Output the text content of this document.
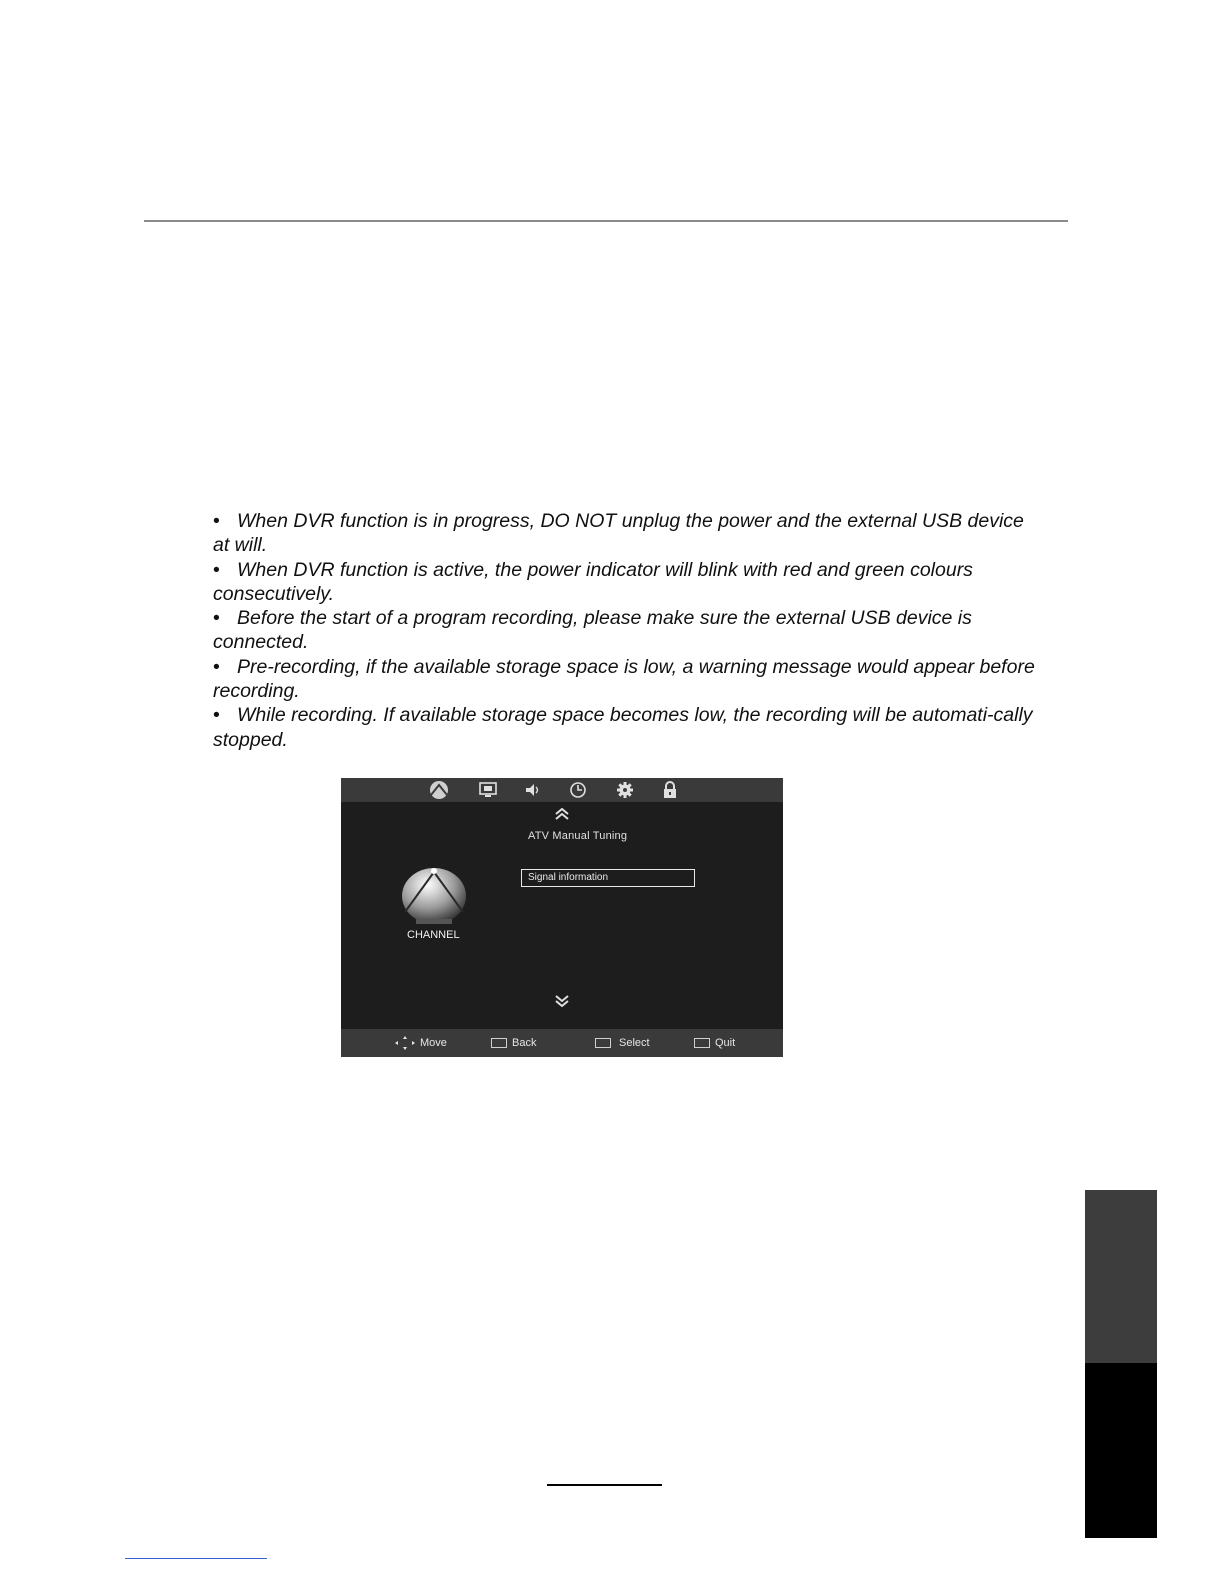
• When DVR function is in progress, DO NOT unplug the power and the external USB device at will.
• When DVR function is active, the power indicator will blink with red and green colours consecutively.
• Before the start of a program recording, please make sure the external USB device is connected.
• Pre-recording, if the available storage space is low, a warning message would appear before recording.
• While recording. If available storage space becomes low, the recording will be automati-cally stopped.
ATV Manual Tuning
Signal information
CHANNEL
Move	Back	Select	Quit
